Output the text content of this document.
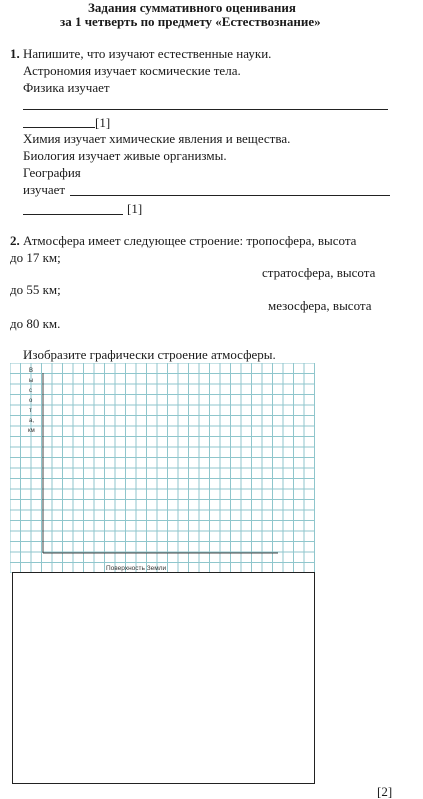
Задания суммативного оценивания
за 1 четверть по предмету «Естествознание»
1. Напишите, что изучают естественные науки.
Астрономия изучает космические тела.
Физика изучает
[1]
Химия изучает химические явления и вещества.
Биология изучает живые организмы.
География
изучает
[1]
2. Атмосфера имеет следующее строение: тропосфера, высота
до 17 км;
стратосфера, высота
до 55 км;
мезосфера, высота
до 80 км.
Изобразите графически строение атмосферы.
В
ы
с
о
т
а,
км
Поверхность Земли
[2]
